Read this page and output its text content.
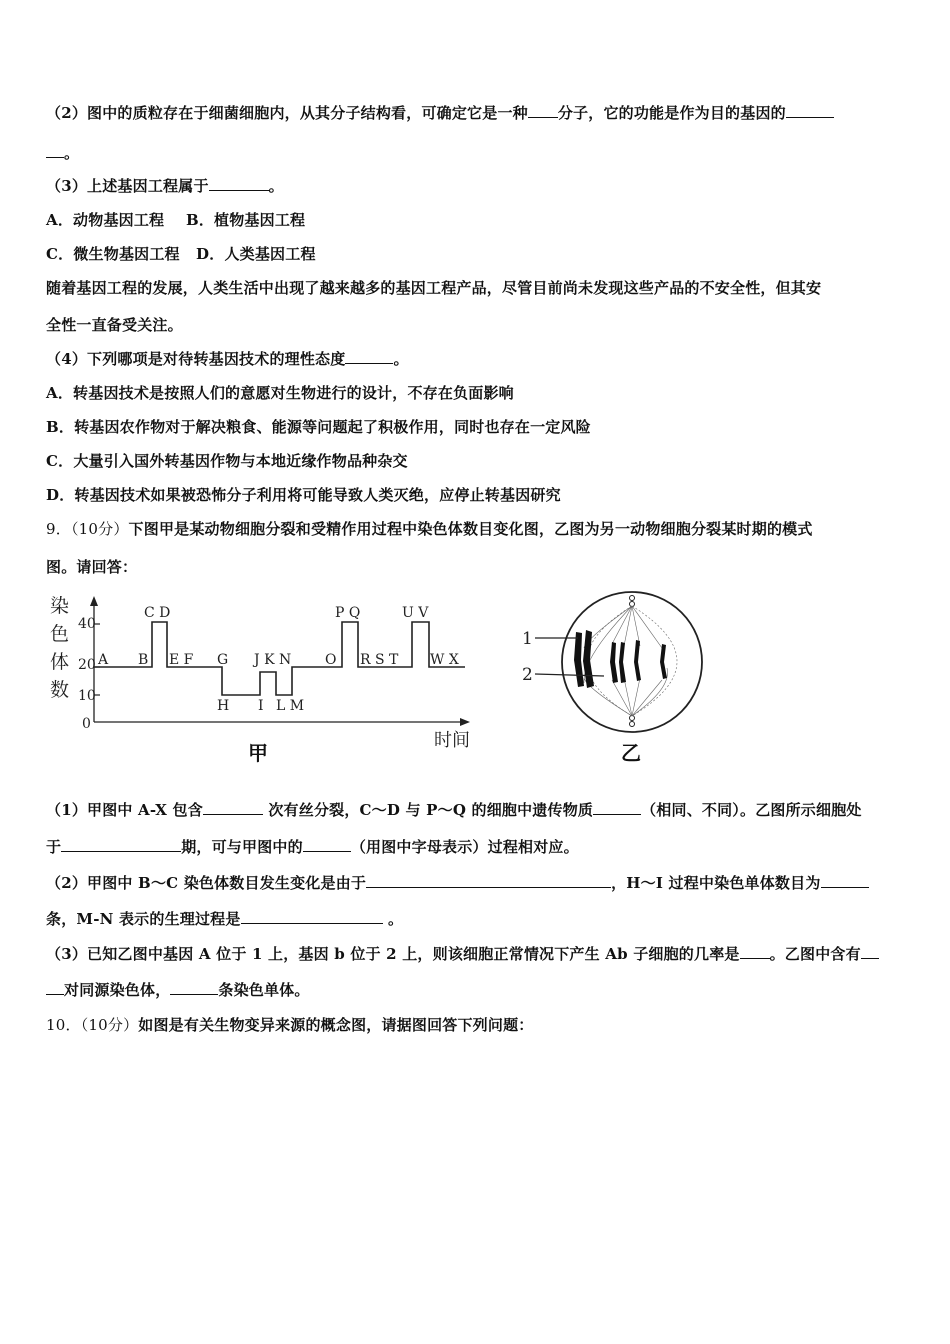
（2）图中的质粒存在于细菌细胞内，从其分子结构看，可确定它是一种 分子，它的功能是作为目的基因的
。
（3）上述基因工程属于	。
A．动物基因工程 B．植物基因工程
C．微生物基因工程 D．人类基因工程
随着基因工程的发展，人类生活中出现了越来越多的基因工程产品，尽管目前尚未发现这些产品的不安全性，但其安
全性一直备受关注。
（4）下列哪项是对待转基因技术的理性态度	。
A．转基因技术是按照人们的意愿对生物进行的设计，不存在负面影响
B．转基因农作物对于解决粮食、能源等问题起了积极作用，同时也存在一定风险
C．大量引入国外转基因作物与本地近缘作物品种杂交
D．转基因技术如果被恐怖分子利用将可能导致人类灭绝，应停止转基因研究
9．（10分）下图甲是某动物细胞分裂和受精作用过程中染色体数目变化图，乙图为另一动物细胞分裂某时期的模式
图。请回答：
染
色
体
数
40
20
10
0
C D	P Q	U V
A B E F G J K N O R S T W X
H I L M
时间
甲
1
2
乙
（1）甲图中 A-X 包含	次有丝分裂，C～D 与 P～Q 的细胞中遗传物质	（相同、不同）。乙图所示细胞处
于	期，可与甲图中的	（用图中字母表示）过程相对应。
（2）甲图中 B～C 染色体数目发生变化是由于	，H～I 过程中染色单体数目为
条，M-N 表示的生理过程是	。
（3）已知乙图中基因 A 位于 1 上，基因 b 位于 2 上，则该细胞正常情况下产生 Ab 子细胞的几率是 。乙图中含有
对同源染色体，	条染色单体。
10．（10分）如图是有关生物变异来源的概念图，请据图回答下列问题：
